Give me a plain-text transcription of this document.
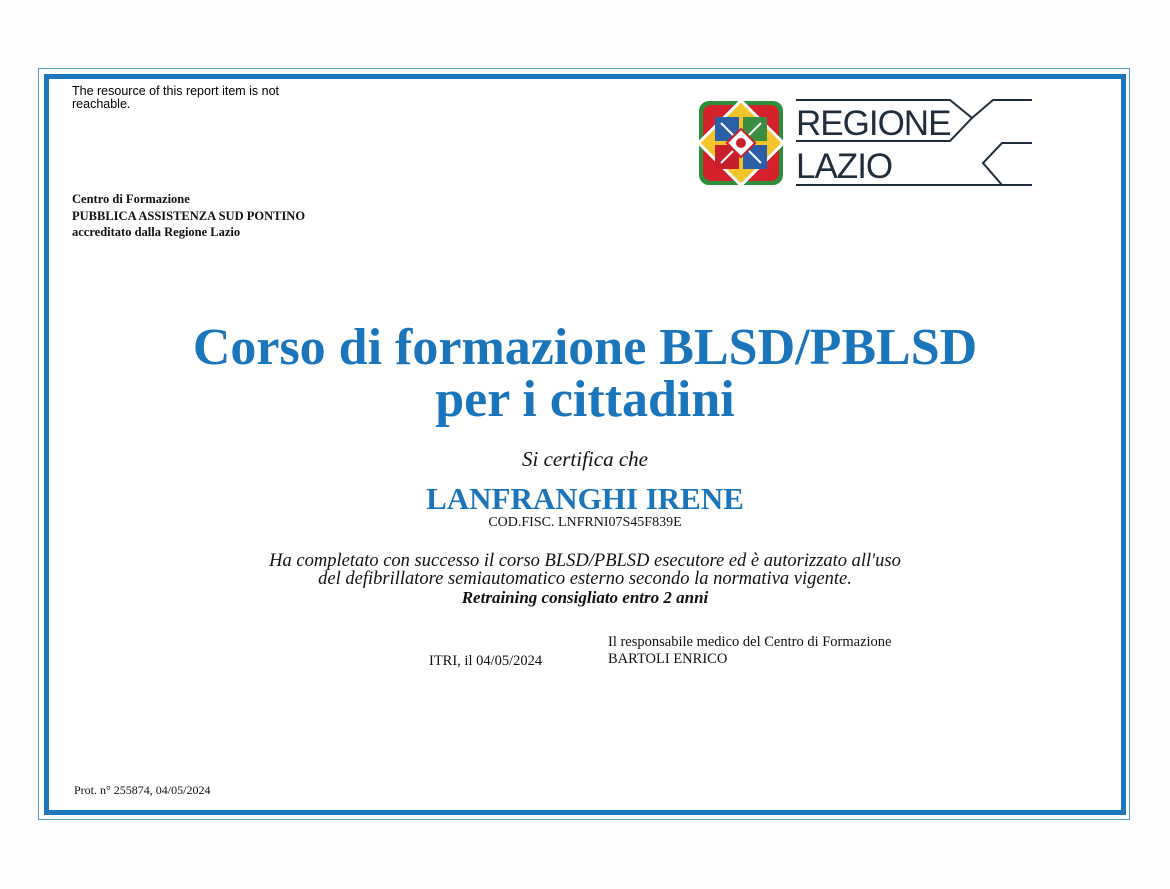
The resource of this report item is not reachable.
Centro di Formazione
PUBBLICA ASSISTENZA SUD PONTINO
accreditato dalla Regione Lazio
REGIONE
LAZIO
Corso di formazione BLSD/PBLSD
per i cittadini
Si certifica che
LANFRANGHI IRENE
COD.FISC. LNFRNI07S45F839E
Ha completato con successo il corso BLSD/PBLSD esecutore ed è autorizzato all'uso
del defibrillatore semiautomatico esterno secondo la normativa vigente.
Retraining consigliato entro 2 anni
ITRI, il 04/05/2024
Il responsabile medico del Centro di Formazione
BARTOLI ENRICO
Prot. n° 255874, 04/05/2024
